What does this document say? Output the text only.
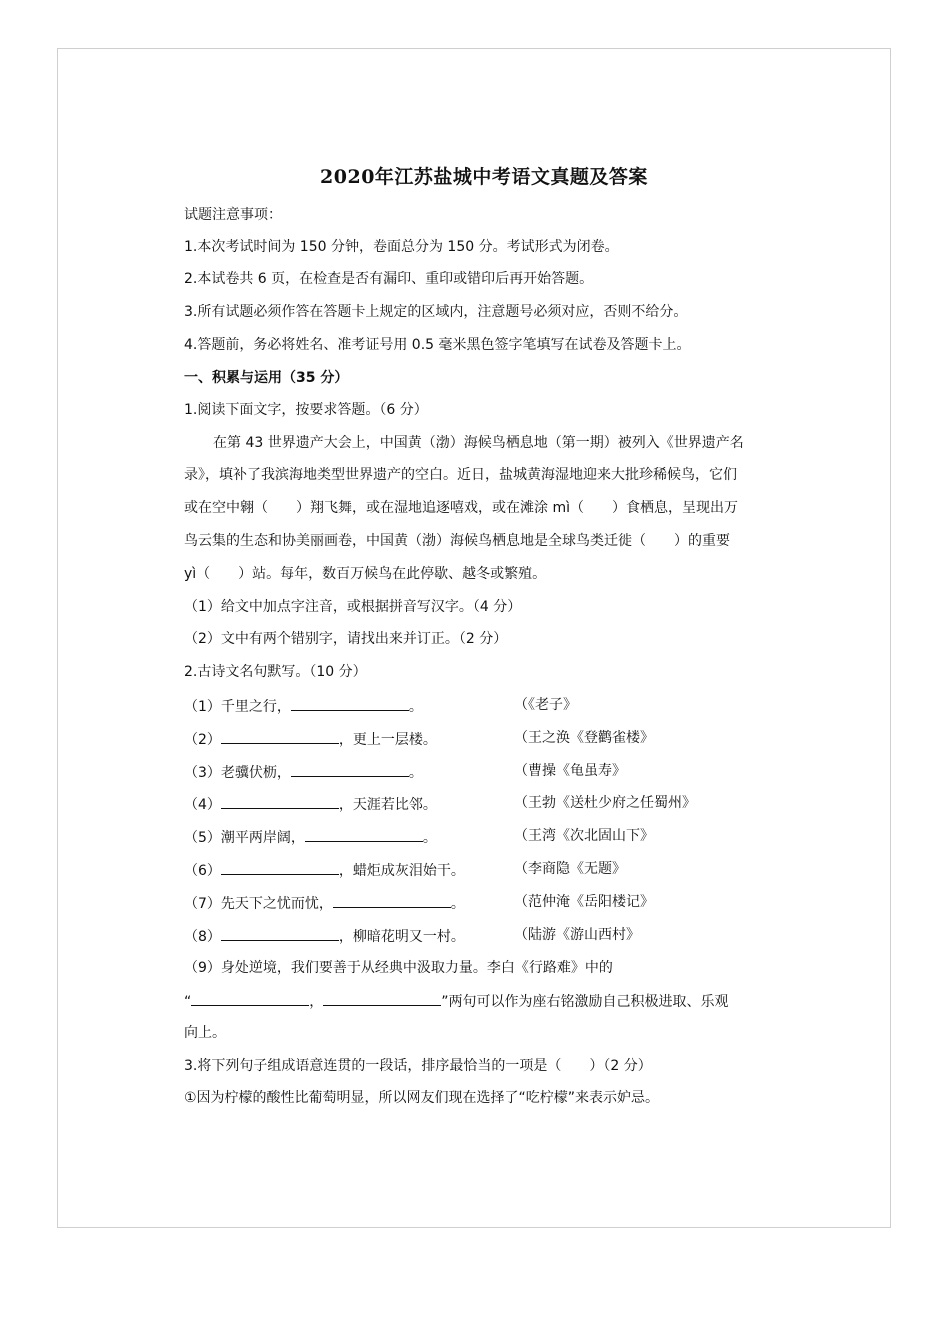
2020年江苏盐城中考语文真题及答案
试题注意事项：
1.本次考试时间为 150 分钟，卷面总分为 150 分。考试形式为闭卷。
2.本试卷共 6 页，在检查是否有漏印、重印或错印后再开始答题。
3.所有试题必须作答在答题卡上规定的区域内，注意题号必须对应，否则不给分。
4.答题前，务必将姓名、准考证号用 0.5 毫米黑色签字笔填写在试卷及答题卡上。
一、积累与运用（35 分）
1.阅读下面文字，按要求答题。（6 分）
在第 43 世界遗产大会上，中国黄（渤）海候鸟栖息地（第一期）被列入《世界遗产名
录》，填补了我滨海地类型世界遗产的空白。近日，盐城黄海湿地迎来大批珍稀候鸟，它们
或在空中翱（　　）翔飞舞，或在湿地追逐嘻戏，或在滩涂 mì（　　）食栖息，呈现出万
鸟云集的生态和协美丽画卷，中国黄（渤）海候鸟栖息地是全球鸟类迁徙（　　）的重要
yì（　　）站。每年，数百万候鸟在此停歇、越冬或繁殖。
（1）给文中加点字注音，或根据拼音写汉字。（4 分）
（2）文中有两个错别字，请找出来并订正。（2 分）
2.古诗文名句默写。（10 分）
（1）千里之行，	。	（《老子》
（2）	，更上一层楼。	（王之涣《登鹳雀楼》
（3）老骥伏枥，	。	（曹操《龟虽寿》
（4）	，天涯若比邻。	（王勃《送杜少府之任蜀州》
（5）潮平两岸阔，	。	（王湾《次北固山下》
（6）	，蜡炬成灰泪始干。	（李商隐《无题》
（7）先天下之忧而忧，	。	（范仲淹《岳阳楼记》
（8）	，柳暗花明又一村。	（陆游《游山西村》
（9）身处逆境，我们要善于从经典中汲取力量。李白《行路难》中的
“	，	”两句可以作为座右铭激励自己积极进取、乐观
向上。
3.将下列句子组成语意连贯的一段话，排序最恰当的一项是（　　）（2 分）
①因为柠檬的酸性比葡萄明显，所以网友们现在选择了“吃柠檬”来表示妒忌。
